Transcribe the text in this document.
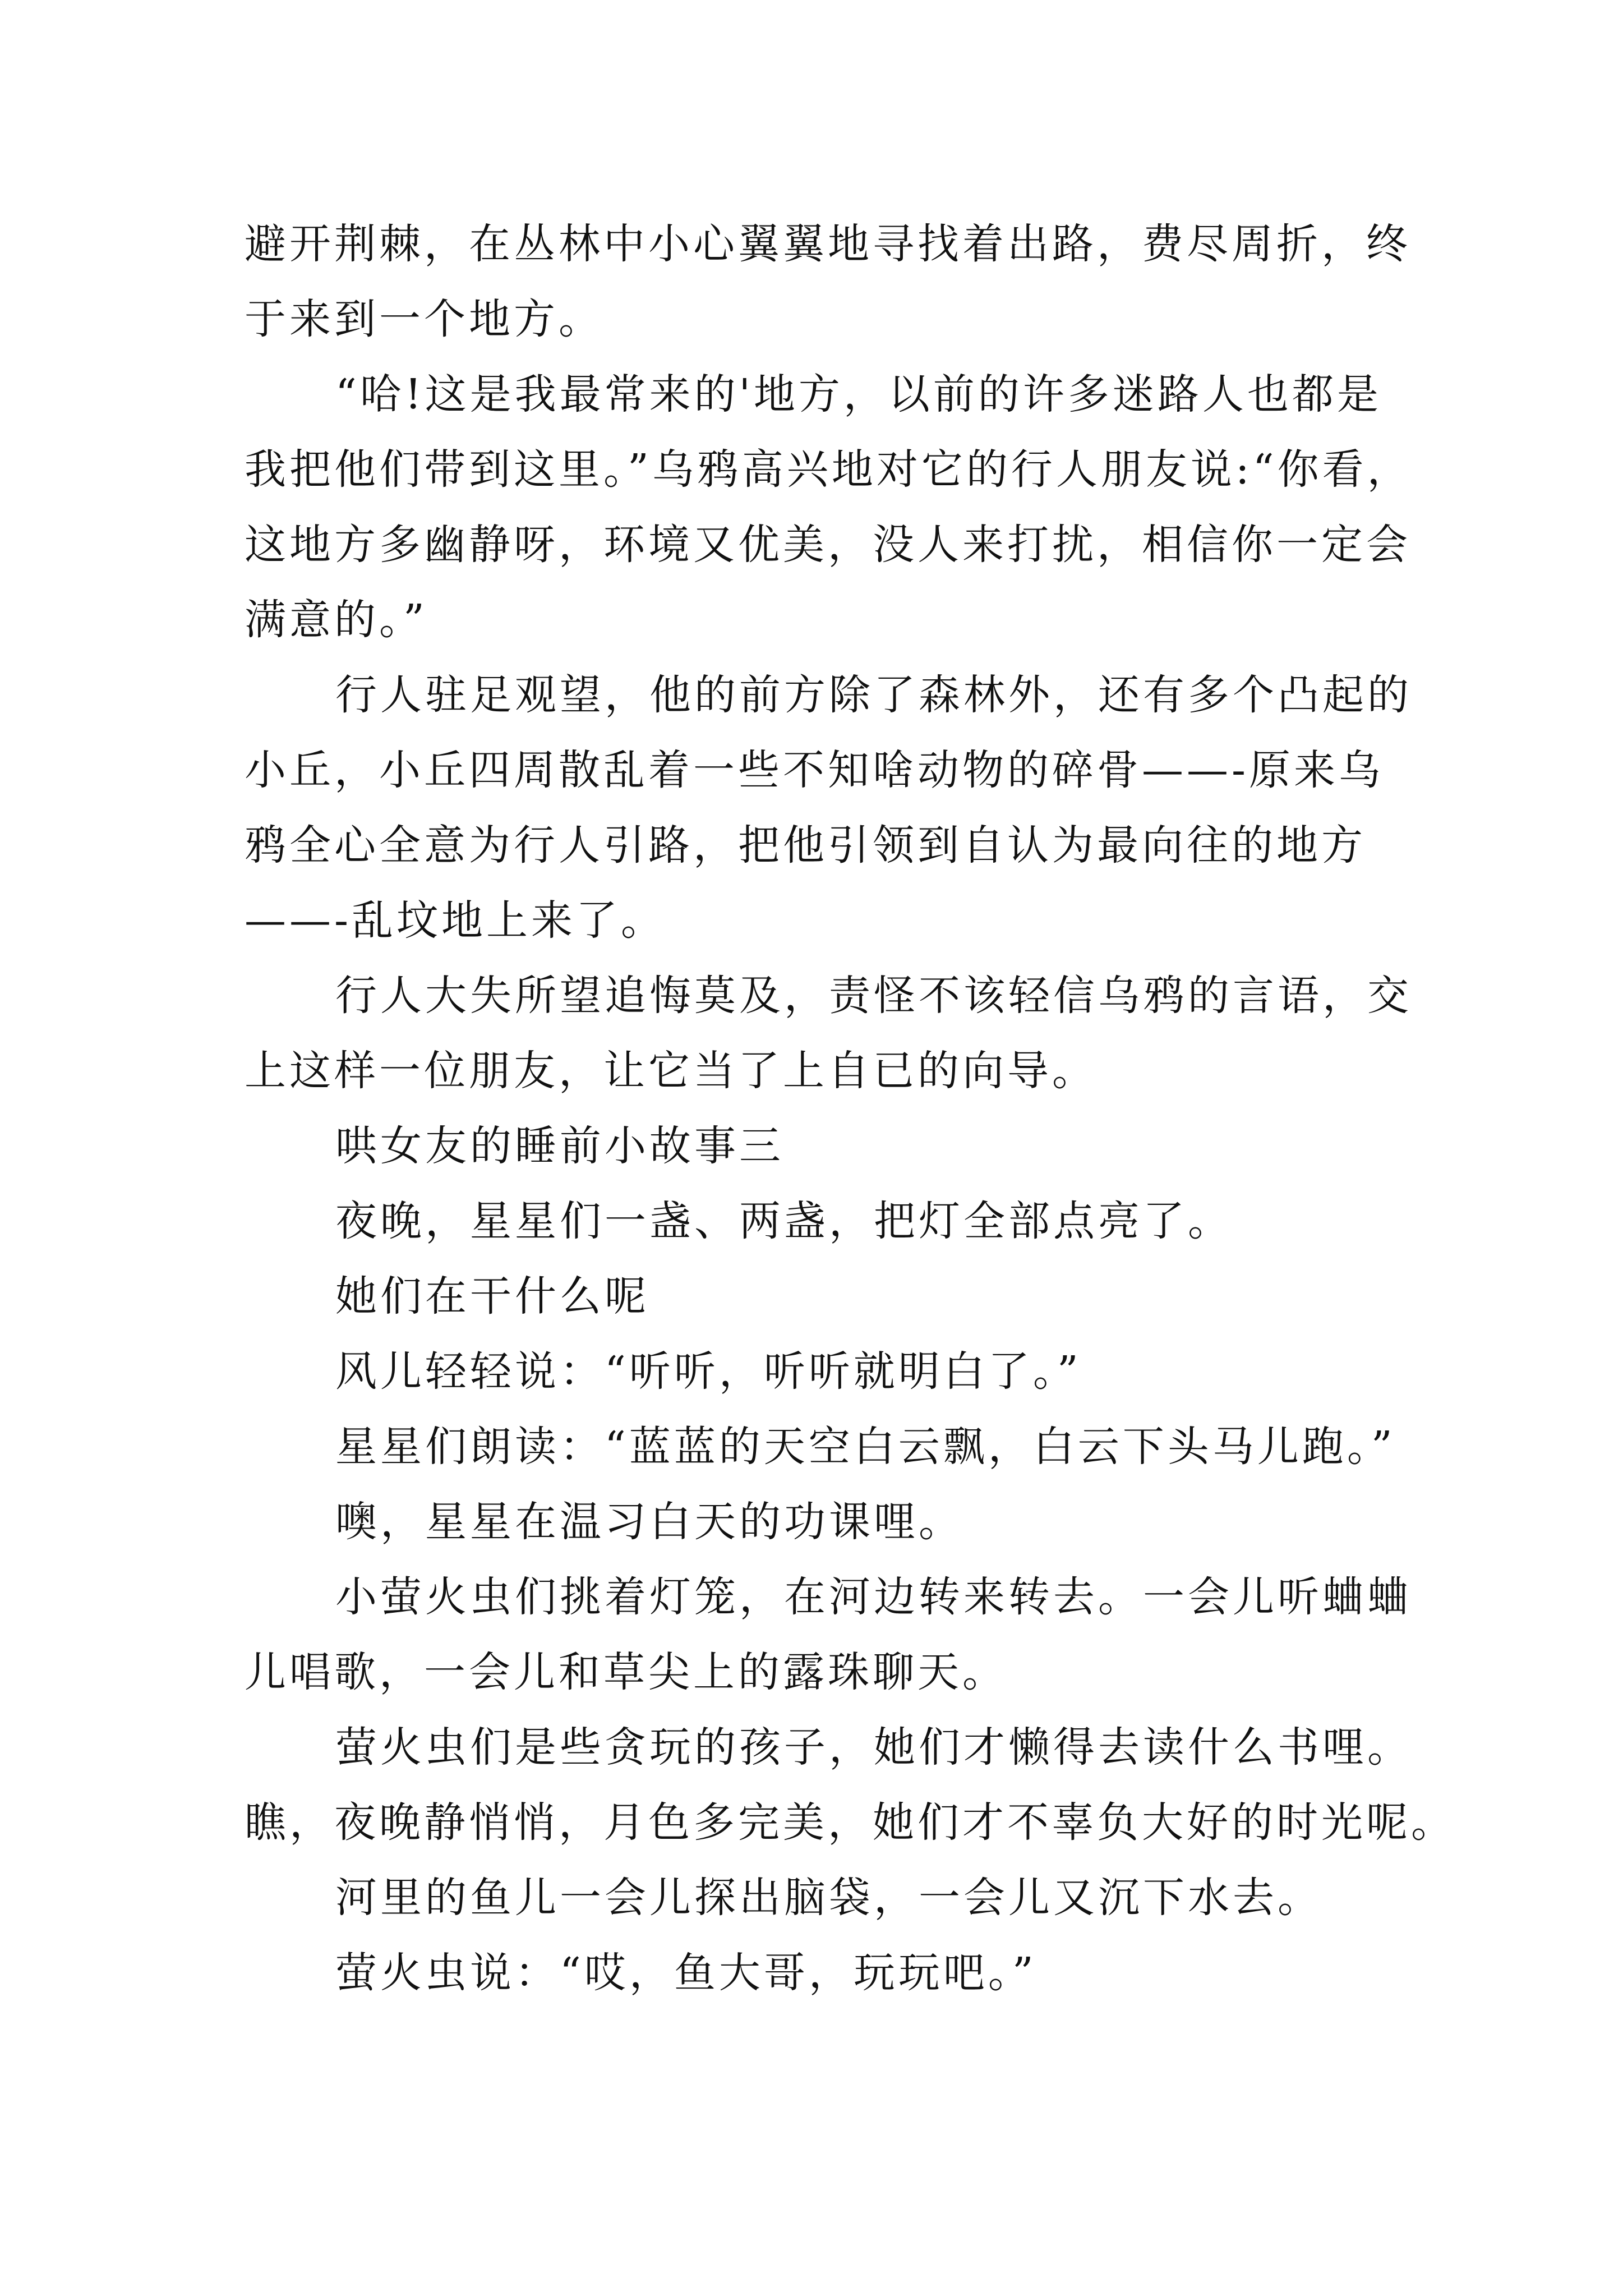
避开荆棘，在丛林中小心翼翼地寻找着出路，费尽周折，终
于来到一个地方。
“哈!这是我最常来的'地方，以前的许多迷路人也都是
我把他们带到这里。”乌鸦高兴地对它的行人朋友说:“你看，
这地方多幽静呀，环境又优美，没人来打扰，相信你一定会
满意的。”
行人驻足观望，他的前方除了森林外，还有多个凸起的
小丘，小丘四周散乱着一些不知啥动物的碎骨——-原来乌
鸦全心全意为行人引路，把他引领到自认为最向往的地方
——-乱坟地上来了。
行人大失所望追悔莫及，责怪不该轻信乌鸦的言语，交
上这样一位朋友，让它当了上自已的向导。
哄女友的睡前小故事三
夜晚，星星们一盏、两盏，把灯全部点亮了。
她们在干什么呢
风儿轻轻说：“听听，听听就明白了。”
星星们朗读：“蓝蓝的天空白云飘，白云下头马儿跑。”
噢，星星在温习白天的功课哩。
小萤火虫们挑着灯笼，在河边转来转去。一会儿听蛐蛐
儿唱歌，一会儿和草尖上的露珠聊天。
萤火虫们是些贪玩的孩子，她们才懒得去读什么书哩。
瞧，夜晚静悄悄，月色多完美，她们才不辜负大好的时光呢。
河里的鱼儿一会儿探出脑袋，一会儿又沉下水去。
萤火虫说：“哎，鱼大哥，玩玩吧。”
